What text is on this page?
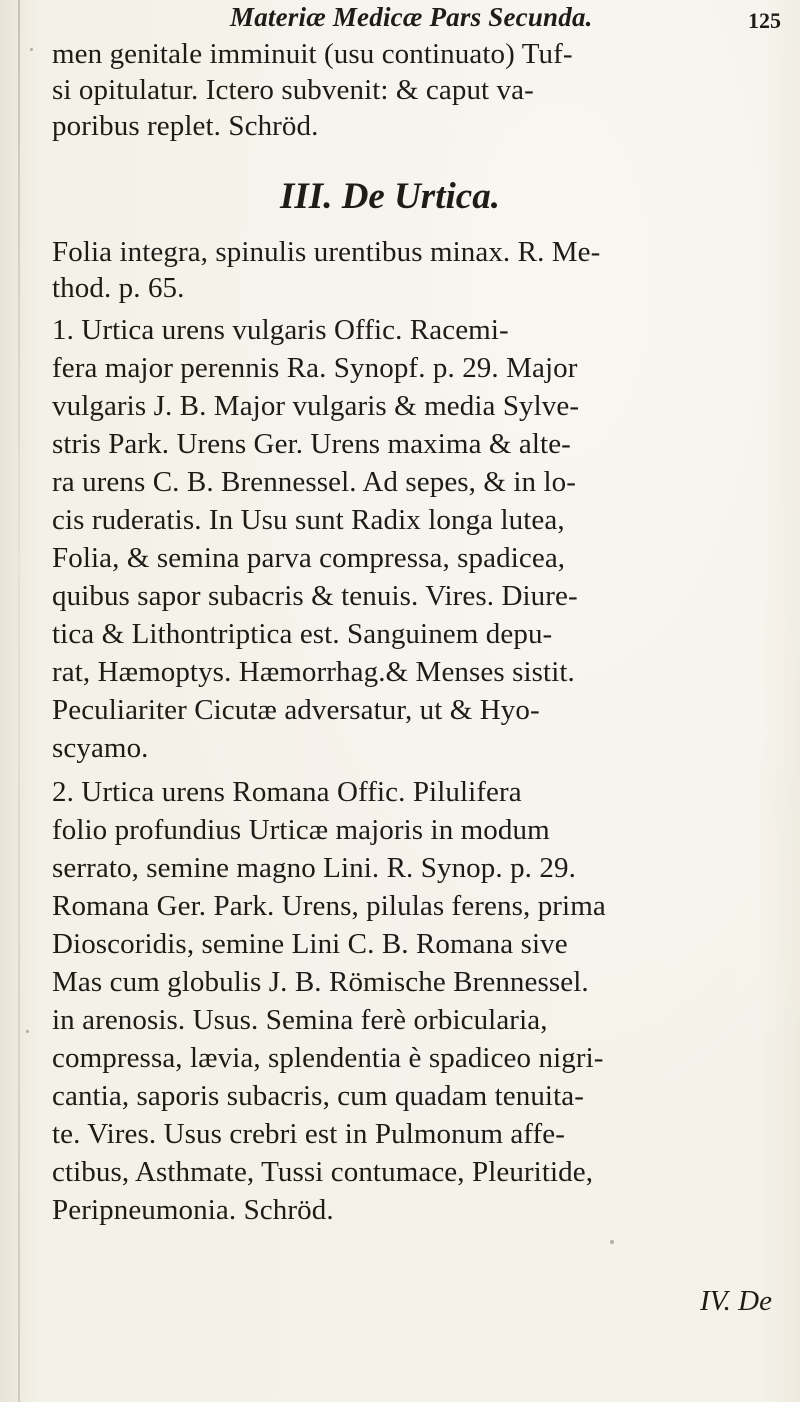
Materiæ Medicæ Pars Secunda.	125
men genitale imminuit (usu continuato) Tuf-
si opitulatur. Ictero subvenit: & caput va-
poribus replet. Schröd.
III. De Urtica.
Folia integra, spinulis urentibus minax. R. Me-
thod. p. 65.
1. Urtica urens vulgaris Offic. Racemi-
fera major perennis Ra. Synopf. p. 29. Major
vulgaris J. B. Major vulgaris & media Sylve-
stris Park. Urens Ger. Urens maxima & alte-
ra urens C. B. Brennessel. Ad sepes, & in lo-
cis ruderatis. In Usu sunt Radix longa lutea,
Folia, & semina parva compressa, spadicea,
quibus sapor subacris & tenuis. Vires. Diure-
tica & Lithontriptica est. Sanguinem depu-
rat, Hæmoptys. Hæmorrhag.& Menses sistit.
Peculiariter Cicutæ adversatur, ut & Hyo-
scyamo.
2. Urtica urens Romana Offic. Pilulifera
folio profundius Urticæ majoris in modum
serrato, semine magno Lini. R. Synop. p. 29.
Romana Ger. Park. Urens, pilulas ferens, prima
Dioscoridis, semine Lini C. B. Romana sive
Mas cum globulis J. B. Römische Brennessel.
in arenosis. Usus. Semina ferè orbicularia,
compressa, lævia, splendentia è spadiceo nigri-
cantia, saporis subacris, cum quadam tenuita-
te. Vires. Usus crebri est in Pulmonum affe-
ctibus, Asthmate, Tussi contumace, Pleuritide,
Peripneumonia. Schröd.
IV. De
